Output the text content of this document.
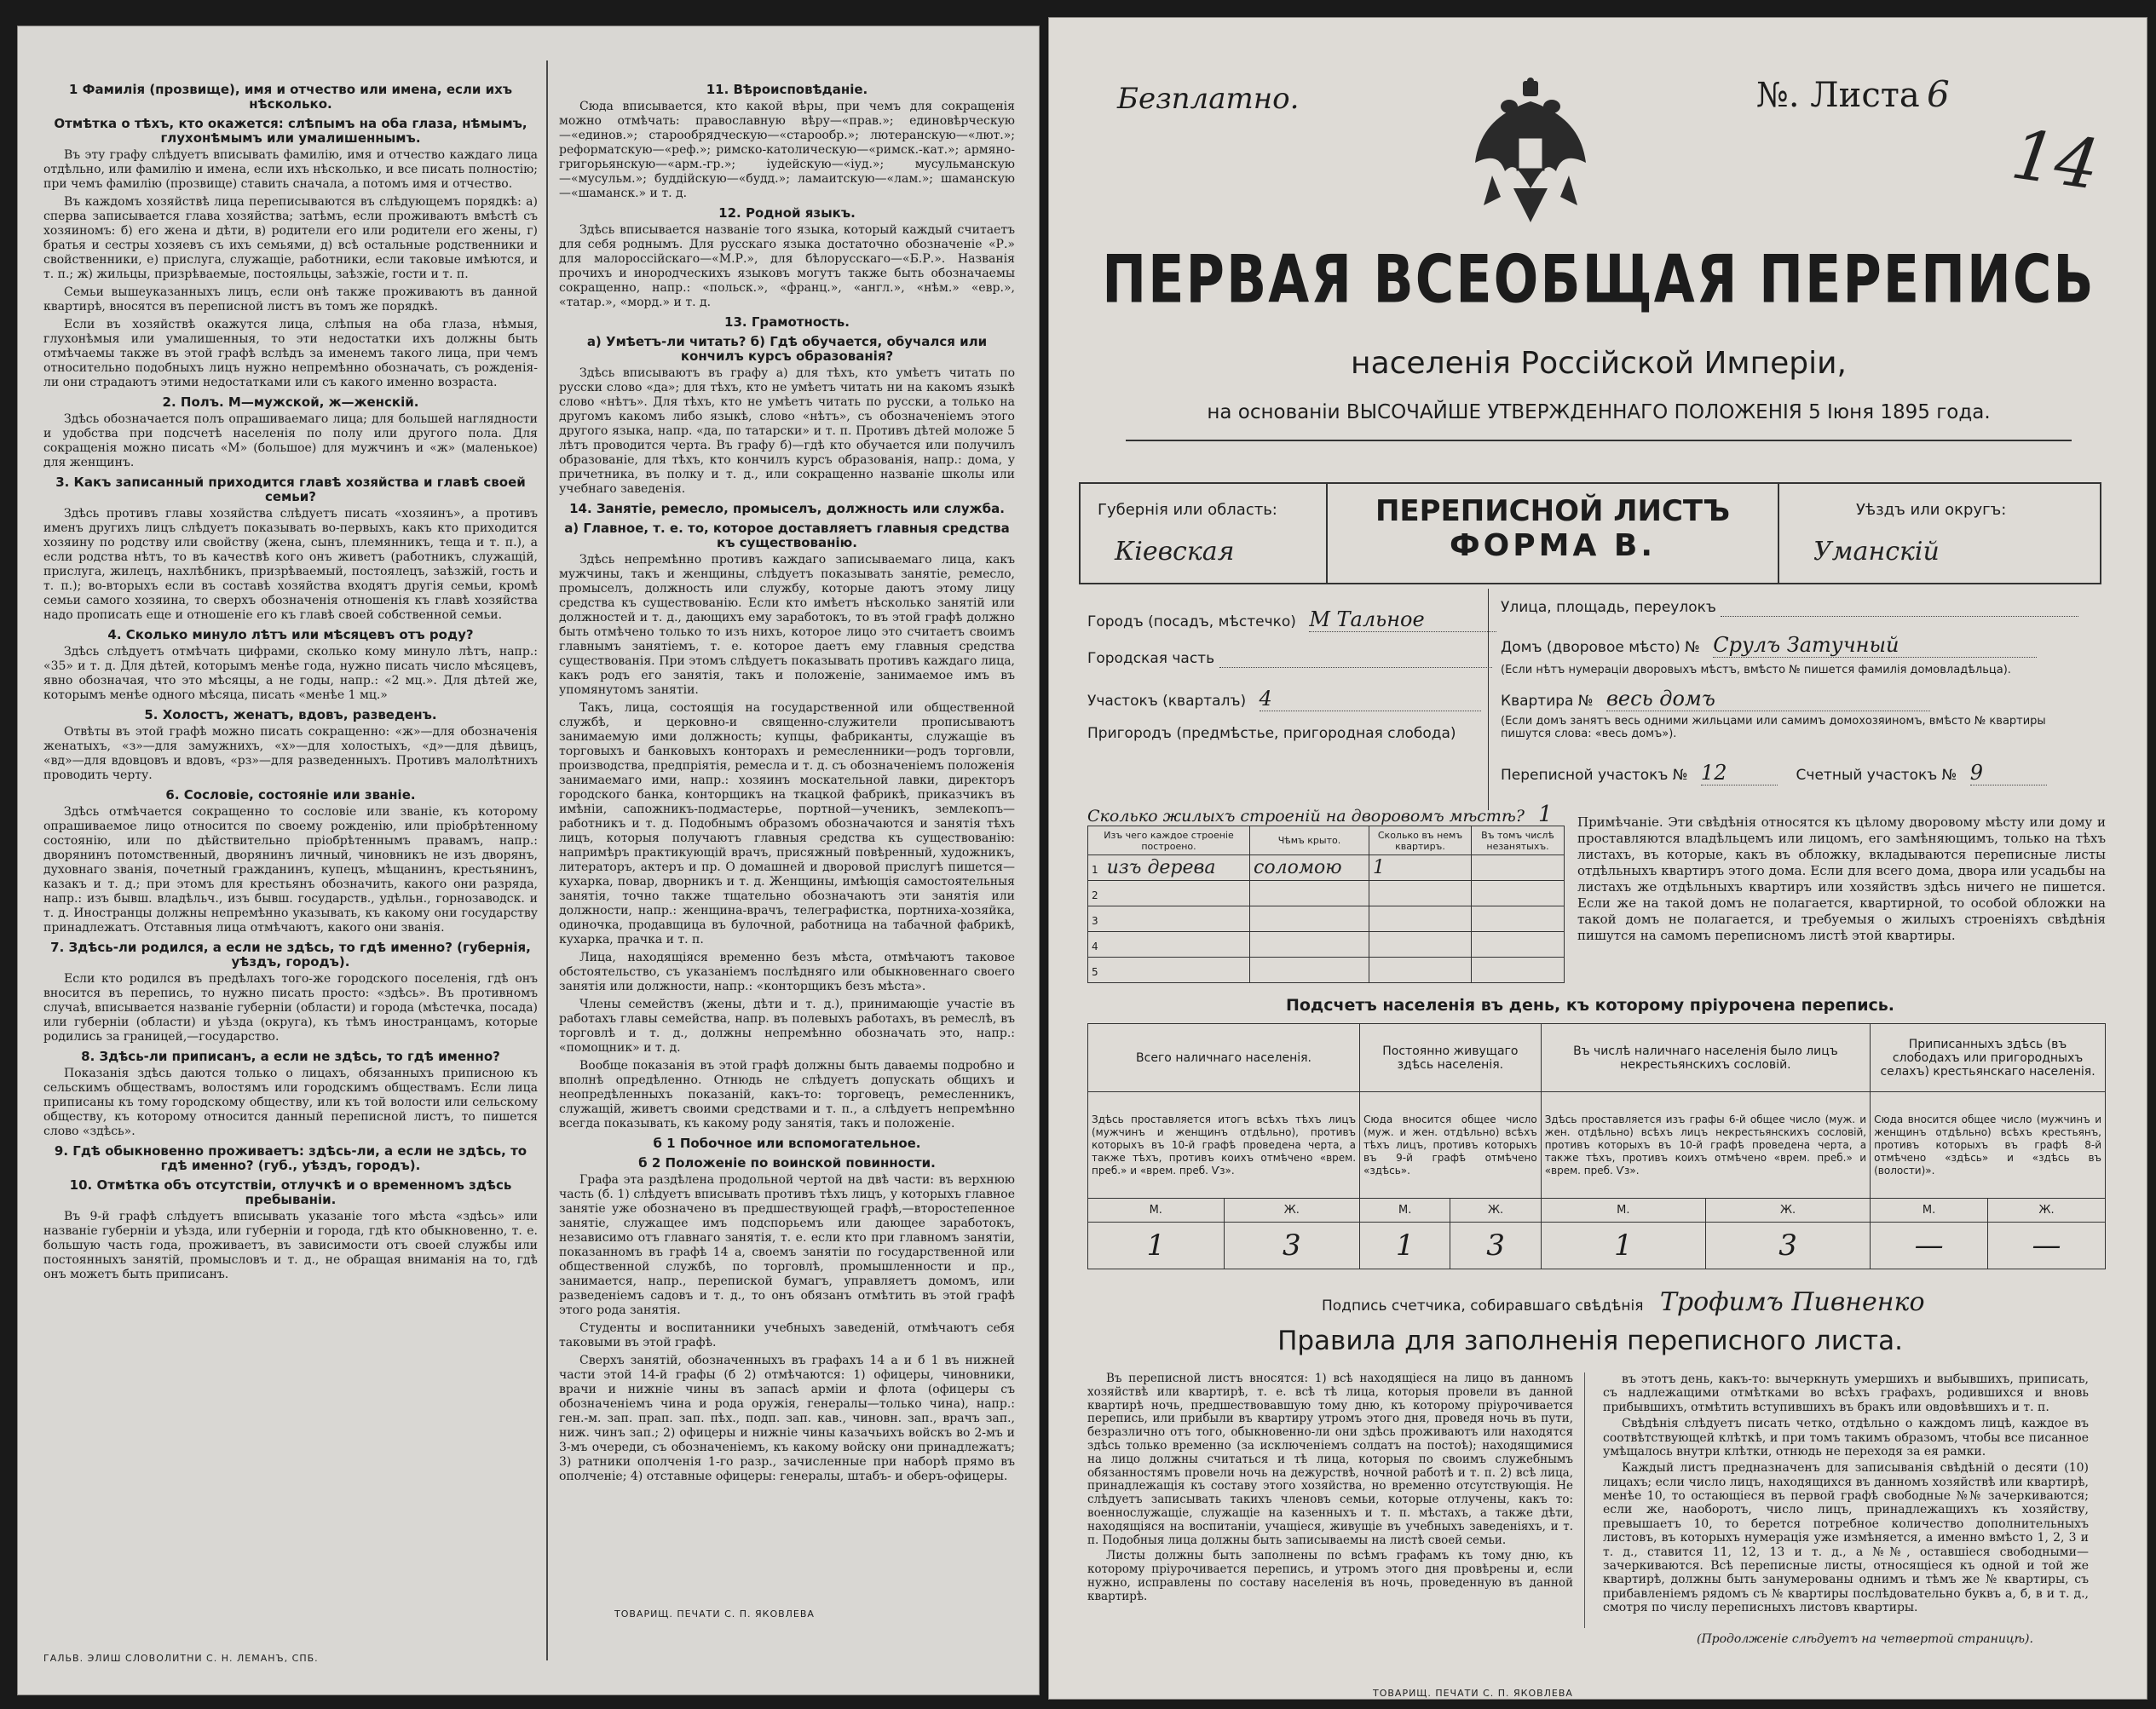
1 Фамилія (прозвище), имя и отчество или имена, если ихъ нѣсколько.
Отмѣтка о тѣхъ, кто окажется: слѣпымъ на оба глаза, нѣмымъ, глухонѣмымъ или умалишеннымъ.

Въ эту графу слѣдуетъ вписывать фамилію, имя и отчество каждаго лица отдѣльно, или фамилію и имена, если ихъ нѣсколько, и все писать полностію; при чемъ фамилію (прозвище) ставить сначала, а потомъ имя и отчество.

Въ каждомъ хозяйствѣ лица переписываются въ слѣдующемъ порядкѣ: а) сперва записывается глава хозяйства; затѣмъ, если проживаютъ вмѣстѣ съ хозяиномъ: б) его жена и дѣти, в) родители его или родители его жены, г) братья и сестры хозяевъ съ ихъ семьями, д) всѣ остальные родственники и свойственники, е) прислуга, служащіе, работники, если таковые имѣются, и т. п.; ж) жильцы, призрѣваемые, постояльцы, заѣзжіе, гости и т. п.

Семьи вышеуказанныхъ лицъ, если онѣ также проживаютъ въ данной квартирѣ, вносятся въ переписной листъ въ томъ же порядкѣ.

Если въ хозяйствѣ окажутся лица, слѣпыя на оба глаза, нѣмыя, глухонѣмыя или умалишенныя, то эти недостатки ихъ должны быть отмѣчаемы также въ этой графѣ вслѣдъ за именемъ такого лица, при чемъ относительно подобныхъ лицъ нужно непремѣнно обозначать, съ рожденія-ли они страдаютъ этими недостатками или съ какого именно возраста.

2. Полъ. М—мужской, ж—женскій.

Здѣсь обозначается полъ опрашиваемаго лица; для большей наглядности и удобства при подсчетѣ населенія по полу или другого пола. Для сокращенія можно писать «М» (большое) для мужчинъ и «ж» (маленькое) для женщинъ.

3. Какъ записанный приходится главѣ хозяйства и главѣ своей семьи?

Здѣсь противъ главы хозяйства слѣдуетъ писать «хозяинъ», а противъ именъ другихъ лицъ слѣдуетъ показывать во-первыхъ, какъ кто приходится хозяину по родству или свойству (жена, сынъ, племянникъ, теща и т. п.), а если родства нѣтъ, то въ качествѣ кого онъ живетъ (работникъ, служащій, прислуга, жилецъ, нахлѣбникъ, призрѣваемый, постоялецъ, заѣзжій, гость и т. п.); во-вторыхъ если въ составѣ хозяйства входятъ другія семьи, кромѣ семьи самого хозяина, то сверхъ обозначенія отношенія къ главѣ хозяйства надо прописать еще и отношеніе его къ главѣ своей собственной семьи.

4. Сколько минуло лѣтъ или мѣсяцевъ отъ роду?

Здѣсь слѣдуетъ отмѣчать цифрами, сколько кому минуло лѣтъ, напр.: «35» и т. д. Для дѣтей, которымъ менѣе года, нужно писать число мѣсяцевъ, явно обозначая, что это мѣсяцы, а не годы, напр.: «2 мц.». Для дѣтей же, которымъ менѣе одного мѣсяца, писать «менѣе 1 мц.»

5. Холостъ, женатъ, вдовъ, разведенъ.

Отвѣты въ этой графѣ можно писать сокращенно: «ж»—для обозначенія женатыхъ, «з»—для замужнихъ, «х»—для холостыхъ, «д»—для дѣвицъ, «вд»—для вдовцовъ и вдовъ, «рз»—для разведенныхъ. Противъ малолѣтнихъ проводить черту.

6. Сословіе, состояніе или званіе.

Здѣсь отмѣчается сокращенно то сословіе или званіе, къ которому опрашиваемое лицо относится по своему рожденію, или пріобрѣтенному состоянію, или по дѣйствительно пріобрѣтеннымъ правамъ, напр.: дворянинъ потомственный, дворянинъ личный, чиновникъ не изъ дворянъ, духовнаго званія, почетный гражданинъ, купецъ, мѣщанинъ, крестьянинъ, казакъ и т. д.; при этомъ для крестьянъ обозначить, какого они разряда, напр.: изъ бывш. владѣльч., изъ бывш. государств., удѣльн., горнозаводск. и т. д. Иностранцы должны непремѣнно указывать, къ какому они государству принадлежатъ. Отставныя лица отмѣчаютъ, какого они званія.

7. Здѣсь-ли родился, а если не здѣсь, то гдѣ именно? (губернія, уѣздъ, городъ).

Если кто родился въ предѣлахъ того-же городского поселенія, гдѣ онъ вносится въ перепись, то нужно писать просто: «здѣсь». Въ противномъ случаѣ, вписывается названіе губерніи (области) и города (мѣстечка, посада) или губерніи (области) и уѣзда (округа), къ тѣмъ иностранцамъ, которые родились за границей,—государство.

8. Здѣсь-ли приписанъ, а если не здѣсь, то гдѣ именно?

Показанія здѣсь даются только о лицахъ, обязанныхъ приписною къ сельскимъ обществамъ, волостямъ или городскимъ обществамъ. Если лица приписаны къ тому городскому обществу, или къ той волости или сельскому обществу, къ которому относится данный переписной листъ, то пишется слово «здѣсь».

9. Гдѣ обыкновенно проживаетъ: здѣсь-ли, а если не здѣсь, то гдѣ именно? (губ., уѣздъ, городъ).
10. Отмѣтка объ отсутствіи, отлучкѣ и о временномъ здѣсь пребываніи.

Въ 9-й графѣ слѣдуетъ вписывать указаніе того мѣста «здѣсь» или названіе губерніи и уѣзда, или губерніи и города, гдѣ кто обыкновенно, т. е. большую часть года, проживаетъ, въ зависимости отъ своей службы или постоянныхъ занятій, промысловъ и т. д., не обращая вниманія на то, гдѣ онъ можетъ быть приписанъ.

11. Вѣроисповѣданіе.

Сюда вписывается, кто какой вѣры, при чемъ для сокращенія можно отмѣчать: православную вѣру—«прав.»; единовѣрческую—«единов.»; старообрядческую—«старообр.»; лютеранскую—«лют.»; реформатскую—«реф.»; римско-католическую—«римск.-кат.»; армяно-григорьянскую—«арм.-гр.»; іудейскую—«іуд.»; мусульманскую—«мусульм.»; буддійскую—«будд.»; ламаитскую—«лам.»; шаманскую—«шаманск.» и т. д.

12. Родной языкъ.

Здѣсь вписывается названіе того языка, который каждый считаетъ для себя роднымъ. Для русскаго языка достаточно обозначеніе «Р.» для малороссійскаго—«М.Р.», для бѣлорусскаго—«Б.Р.». Названія прочихъ и инородческихъ языковъ могутъ также быть обозначаемы сокращенно, напр.: «польск.», «франц.», «англ.», «нѣм.» «евр.», «татар.», «морд.» и т. д.

13. Грамотность.
а) Умѣетъ-ли читать? б) Гдѣ обучается, обучался или кончилъ курсъ образованія?

Здѣсь вписываютъ въ графу а) для тѣхъ, кто умѣетъ читать по русски слово «да»; для тѣхъ, кто не умѣетъ читать ни на какомъ языкѣ слово «нѣтъ». Для тѣхъ, кто не умѣетъ читать по русски, а только на другомъ какомъ либо языкѣ, слово «нѣтъ», съ обозначеніемъ этого другого языка, напр. «да, по татарски» и т. п. Противъ дѣтей моложе 5 лѣтъ проводится черта. Въ графу б)—гдѣ кто обучается или получилъ образованіе, для тѣхъ, кто кончилъ курсъ образованія, напр.: дома, у причетника, въ полку и т. д., или сокращенно названіе школы или учебнаго заведенія.

14. Занятіе, ремесло, промыселъ, должность или служба.
а) Главное, т. е. то, которое доставляетъ главныя средства къ существованію.

Здѣсь непремѣнно противъ каждаго записываемаго лица, какъ мужчины, такъ и женщины, слѣдуетъ показывать занятіе, ремесло, промыселъ, должность или службу, которые даютъ этому лицу средства къ существованію. Если кто имѣетъ нѣсколько занятій или должностей и т. д., дающихъ ему заработокъ, то въ этой графѣ должно быть отмѣчено только то изъ нихъ, которое лицо это считаетъ своимъ главнымъ занятіемъ, т. е. которое даетъ ему главныя средства существованія. При этомъ слѣдуетъ показывать противъ каждаго лица, какъ родъ его занятія, такъ и положеніе, занимаемое имъ въ упомянутомъ занятіи.

Такъ, лица, состоящія на государственной или общественной службѣ, и церковно-и священно-служители прописываютъ занимаемую ими должность; купцы, фабриканты, служащіе въ торговыхъ и банковыхъ конторахъ и ремесленники—родъ торговли, производства, предпріятія, ремесла и т. д. съ обозначеніемъ положенія занимаемаго ими, напр.: хозяинъ москательной лавки, директоръ городского банка, конторщикъ на ткацкой фабрикѣ, приказчикъ въ имѣніи, сапожникъ-подмастерье, портной—ученикъ, землекопъ—работникъ и т. д. Подобнымъ образомъ обозначаются и занятія тѣхъ лицъ, которыя получаютъ главныя средства къ существованію: напримѣръ практикующій врачъ, присяжный повѣренный, художникъ, литераторъ, актеръ и пр. О домашней и дворовой прислугѣ пишется—кухарка, повар, дворникъ и т. д. Женщины, имѣющія самостоятельныя занятія, точно также тщательно обозначаютъ эти занятія или должности, напр.: женщина-врачъ, телеграфистка, портниха-хозяйка, одиночка, продавщица въ булочной, работница на табачной фабрикѣ, кухарка, прачка и т. п.

Лица, находящіяся временно безъ мѣста, отмѣчаютъ таковое обстоятельство, съ указаніемъ послѣдняго или обыкновеннаго своего занятія или должности, напр.: «конторщикъ безъ мѣста».

Члены семействъ (жены, дѣти и т. д.), принимающіе участіе въ работахъ главы семейства, напр. въ полевыхъ работахъ, въ ремеслѣ, въ торговлѣ и т. д., должны непремѣнно обозначать это, напр.: «помощник» и т. д.

Вообще показанія въ этой графѣ должны быть даваемы подробно и вполнѣ опредѣленно. Отнюдь не слѣдуетъ допускать общихъ и неопредѣленныхъ показаній, какъ-то: торговецъ, ремесленникъ, служащій, живетъ своими средствами и т. п., а слѣдуетъ непремѣнно всегда показывать, къ какому роду занятія, такъ и положеніе.

б 1 Побочное или вспомогательное.
б 2 Положеніе по воинской повинности.

Графа эта раздѣлена продольной чертой на двѣ части: въ верхнюю часть (б. 1) слѣдуетъ вписывать противъ тѣхъ лицъ, у которыхъ главное занятіе уже обозначено въ предшествующей графѣ,—второстепенное занятіе, служащее имъ подспорьемъ или дающее заработокъ, независимо отъ главнаго занятія, т. е. если кто при главномъ занятіи, показанномъ въ графѣ 14 а, своемъ занятіи по государственной или общественной службѣ, по торговлѣ, промышленности и пр., занимается, напр., перепиской бумагъ, управляетъ домомъ, или разведеніемъ садовъ и т. д., то онъ обязанъ отмѣтить въ этой графѣ этого рода занятія.

Студенты и воспитанники учебныхъ заведеній, отмѣчаютъ себя таковыми въ этой графѣ.

Сверхъ занятій, обозначенныхъ въ графахъ 14 а и б 1 въ нижней части этой 14-й графы (б 2) отмѣчаются: 1) офицеры, чиновники, врачи и нижніе чины въ запасѣ арміи и флота (офицеры съ обозначеніемъ чина и рода оружія, генералы—только чина), напр.: ген.-м. зап. прап. зап. пѣх., подп. зап. кав., чиновн. зап., врачъ зап., ниж. чинъ зап.; 2) офицеры и нижніе чины казачьихъ войскъ во 2-мъ и 3-мъ очереди, съ обозначеніемъ, къ какому войску они принадлежатъ; 3) ратники ополченія 1-го разр., зачисленные при наборѣ прямо въ ополченіе; 4) отставные офицеры: генералы, штабъ- и оберъ-офицеры.

ГАЛЬВ. ЭЛИШ СЛОВОЛИТНИ С. Н. ЛЕМАНЪ, СПБ.
ТОВАРИЩ. ПЕЧАТИ С. П. ЯКОВЛЕВА
Безплатно.	№. Листа 6
14
ПЕРВАЯ ВСЕОБЩАЯ ПЕРЕПИСЬ
населенія Россійской Имперіи,
на основаніи ВЫСОЧАЙШЕ УТВЕРЖДЕННАГО ПОЛОЖЕНІЯ 5 Іюня 1895 года.
Губернія или область:
Кіевская
ПЕРЕПИСНОЙ ЛИСТЪ
ФОРМА В.
Уѣздъ или округъ:
Уманскій
Городъ (посадъ, мѣстечко) М Тальное
Городская часть
Участокъ (кварталъ) 4
Пригородъ (предмѣстье, пригородная слобода)
Улица, площадь, переулокъ
Домъ (дворовое мѣсто) № Срулъ Затучный
(Если нѣтъ нумераціи дворовыхъ мѣстъ, вмѣсто № пишется фамилія домовладѣльца).
Квартира № весь домъ
(Если домъ занятъ весь одними жильцами или самимъ домохозяиномъ, вмѣсто № квартиры пишутся слова: «весь домъ»).
Переписной участокъ № 12	Счетный участокъ № 9
Сколько жилыхъ строеній на дворовомъ мѣстѣ? 1
Изъ чего каждое строеніе построено.	Чѣмъ крыто.	Сколько въ немъ квартиръ.	Въ томъ числѣ незанятыхъ.
1 изъ дерева	соломою	1	
2			
3			
4			
5			
Примѣчаніе. Эти свѣдѣнія относятся къ цѣлому дворовому мѣсту или дому и проставляются владѣльцемъ или лицомъ, его замѣняющимъ, только на тѣхъ листахъ, въ которые, какъ въ обложку, вкладываются переписные листы отдѣльныхъ квартиръ этого дома. Если для всего дома, двора или усадьбы на листахъ же отдѣльныхъ квартиръ или хозяйствъ здѣсь ничего не пишется. Если же на такой домъ не полагается, квартирной, то особой обложки на такой домъ не полагается, и требуемыя о жилыхъ строеніяхъ свѣдѣнія пишутся на самомъ переписномъ листѣ этой квартиры.
Подсчетъ населенія въ день, къ которому пріурочена перепись.
Всего наличнаго населенія.		Постоянно живущаго здѣсь населенія.		Въ числѣ наличнаго населенія было лицъ некрестьянскихъ сословій.		Приписанныхъ здѣсь (въ слободахъ или пригородныхъ селахъ) крестьянскаго населенія.	
Здѣсь проставляется итогъ всѣхъ тѣхъ лицъ (мужчинъ и женщинъ отдѣльно), противъ которыхъ въ 10-й графѣ проведена черта, а также тѣхъ, противъ коихъ отмѣчено «врем. преб.» и «врем. преб. Ѵз».		Сюда вносится общее число (муж. и жен. отдѣльно) всѣхъ тѣхъ лицъ, противъ которыхъ въ 9-й графѣ отмѣчено «здѣсь».		Здѣсь проставляется изъ графы 6-й общее число (муж. и жен. отдѣльно) всѣхъ лицъ некрестьянскихъ сословій, противъ которыхъ въ 10-й графѣ проведена черта, а также тѣхъ, противъ коихъ отмѣчено «врем. преб.» и «врем. преб. Ѵз».		Сюда вносится общее число (мужчинъ и женщинъ отдѣльно) всѣхъ крестьянъ, противъ которыхъ въ графѣ 8-й отмѣчено «здѣсь» и «здѣсь въ (волости)».	
М.	Ж.	М.	Ж.	М.	Ж.	М.	Ж.
1	3	1	3	1	3	—	—
Подпись счетчика, собиравшаго свѣдѣнія Трофимъ Пивненко
Правила для заполненія переписного листа.

Въ переписной листъ вносятся: 1) всѣ находящіеся на лицо въ данномъ хозяйствѣ или квартирѣ, т. е. всѣ тѣ лица, которыя провели въ данной квартирѣ ночь, предшествовавшую тому дню, къ которому пріурочивается перепись, или прибыли въ квартиру утромъ этого дня, проведя ночь въ пути, безразлично отъ того, обыкновенно-ли они здѣсь проживаютъ или находятся здѣсь только временно (за исключеніемъ солдатъ на постоѣ); находящимися на лицо должны считаться и тѣ лица, которыя по своимъ служебнымъ обязанностямъ провели ночь на дежурствѣ, ночной работѣ и т. п. 2) всѣ лица, принадлежащія къ составу этого хозяйства, но временно отсутствующія. Не слѣдуетъ записывать такихъ членовъ семьи, которые отлучены, какъ то: военнослужащіе, служащіе на казенныхъ и т. п. мѣстахъ, а также дѣти, находящіяся на воспитаніи, учащіеся, живущіе въ учебныхъ заведеніяхъ, и т. п. Подобныя лица должны быть записываемы на листѣ своей семьи.

Листы должны быть заполнены по всѣмъ графамъ къ тому дню, къ которому пріурочивается перепись, и утромъ этого дня провѣрены и, если нужно, исправлены по составу населенія въ ночь, проведенную въ данной квартирѣ.

въ этотъ день, какъ-то: вычеркнуть умершихъ и выбывшихъ, приписать, съ надлежащими отмѣтками во всѣхъ графахъ, родившихся и вновь прибывшихъ, отмѣтить вступившихъ въ бракъ или овдовѣвшихъ и т. п.

Свѣдѣнія слѣдуетъ писать четко, отдѣльно о каждомъ лицѣ, каждое въ соотвѣтствующей клѣткѣ, и при томъ такимъ образомъ, чтобы все писанное умѣщалось внутри клѣтки, отнюдь не переходя за ея рамки.

Каждый листъ предназначенъ для записыванія свѣдѣній о десяти (10) лицахъ; если число лицъ, находящихся въ данномъ хозяйствѣ или квартирѣ, менѣе 10, то остающіеся въ первой графѣ свободные №№ зачеркиваются; если же, наоборотъ, число лицъ, принадлежащихъ къ хозяйству, превышаетъ 10, то берется потребное количество дополнительныхъ листовъ, въ которыхъ нумерація уже измѣняется, а именно вмѣсто 1, 2, 3 и т. д., ставится 11, 12, 13 и т. д., а №№, оставшіеся свободными—зачеркиваются. Всѣ переписные листы, относящіеся къ одной и той же квартирѣ, должны быть занумерованы однимъ и тѣмъ же № квартиры, съ прибавленіемъ рядомъ съ № квартиры послѣдовательно буквъ а, б, в и т. д., смотря по числу переписныхъ листовъ квартиры.

(Продолженіе слѣдуетъ на четвертой страницѣ).
ТОВАРИЩ. ПЕЧАТИ С. П. ЯКОВЛЕВА
